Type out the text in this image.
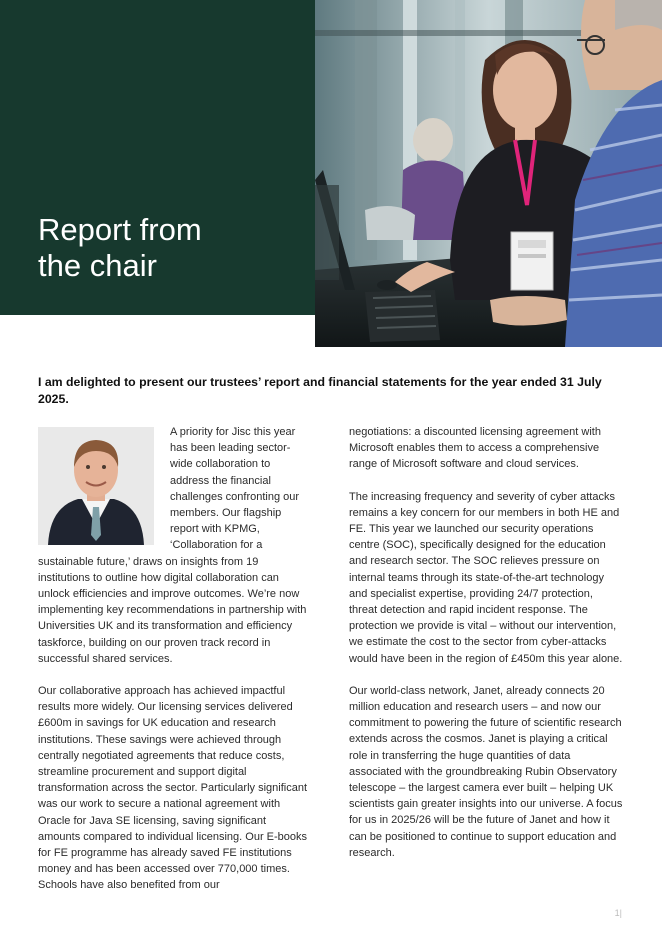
Report from
the chair

I am delighted to present our trustees’ report and financial statements for the year ended 31 July 2025.

A priority for Jisc this year has been leading sector-wide collaboration to address the financial challenges confronting our members. Our flagship report with KPMG, ‘Collaboration for a sustainable future,’ draws on insights from 19 institutions to outline how digital collaboration can unlock efficiencies and improve outcomes. We’re now implementing key recommendations in partnership with Universities UK and its transformation and efficiency taskforce, building on our proven track record in successful shared services.

Our collaborative approach has achieved impactful results more widely. Our licensing services delivered £600m in savings for UK education and research institutions. These savings were achieved through centrally negotiated agreements that reduce costs, streamline procurement and support digital transformation across the sector. Particularly significant was our work to secure a national agreement with Oracle for Java SE licensing, saving significant amounts compared to individual licensing. Our E-books for FE programme has already saved FE institutions money and has been accessed over 770,000 times. Schools have also benefited from our

negotiations: a discounted licensing agreement with Microsoft enables them to access a comprehensive range of Microsoft software and cloud services.

The increasing frequency and severity of cyber attacks remains a key concern for our members in both HE and FE. This year we launched our security operations centre (SOC), specifically designed for the education and research sector. The SOC relieves pressure on internal teams through its state-of-the-art technology and specialist expertise, providing 24/7 protection, threat detection and rapid incident response. The protection we provide is vital – without our intervention, we estimate the cost to the sector from cyber-attacks would have been in the region of £450m this year alone.

Our world-class network, Janet, already connects 20 million education and research users – and now our commitment to powering the future of scientific research extends across the cosmos. Janet is playing a critical role in transferring the huge quantities of data associated with the groundbreaking Rubin Observatory telescope – the largest camera ever built – helping UK scientists gain greater insights into our universe. A focus for us in 2025/26 will be the future of Janet and how it can be positioned to continue to support education and research.

1|
